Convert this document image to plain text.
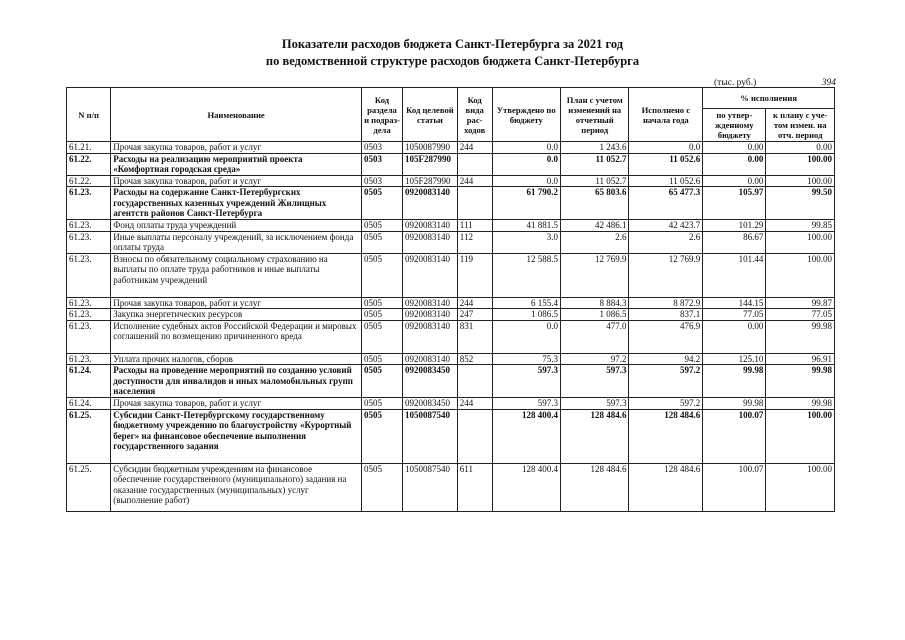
Показатели расходов бюджета Санкт-Петербурга за 2021 год
по ведомственной структуре расходов бюджета Санкт-Петербурга
(тыс. руб.)	394
N п/п	Наименование	Код раздела и подраз-дела	Код целевой статьи	Код вида рас-ходов	Утверждено по бюджету	План с учетом изменений на отчетный период	Исполнено с начала года	% исполнения	
								по утвер-жденному бюджету	к плану с уче-том измен. на отч. период
61.21.	Прочая закупка товаров, работ и услуг	0503	1050087990	244	0.0	1 243.6	0.0	0.00	0.00
61.22.	Расходы на реализацию мероприятий проекта «Комфортная городская среда»	0503	105F287990		0.0	11 052.7	11 052.6	0.00	100.00
61.22.	Прочая закупка товаров, работ и услуг	0503	105F287990	244	0.0	11 052.7	11 052.6	0.00	100.00
61.23.	Расходы на содержание Санкт-Петербургских государственных казенных учреждений Жилищных агентств районов Санкт-Петербурга	0505	0920083140		61 790.2	65 803.6	65 477.3	105.97	99.50
61.23.	Фонд оплаты труда учреждений	0505	0920083140	111	41 881.5	42 486.1	42 423.7	101.29	99.85
61.23.	Иные выплаты персоналу учреждений, за исключением фонда оплаты труда	0505	0920083140	112	3.0	2.6	2.6	86.67	100.00
61.23.	Взносы по обязательному социальному страхованию на выплаты по оплате труда работников и иные выплаты работникам учреждений	0505	0920083140	119	12 588.5	12 769.9	12 769.9	101.44	100.00
61.23.	Прочая закупка товаров, работ и услуг	0505	0920083140	244	6 155.4	8 884.3	8 872.9	144.15	99.87
61.23.	Закупка энергетических ресурсов	0505	0920083140	247	1 086.5	1 086.5	837.1	77.05	77.05
61.23.	Исполнение судебных актов Российской Федерации и мировых соглашений по возмещению причиненного вреда	0505	0920083140	831	0.0	477.0	476.9	0.00	99.98
61.23.	Уплата прочих налогов, сборов	0505	0920083140	852	75.3	97.2	94.2	125.10	96.91
61.24.	Расходы на проведение мероприятий по созданию условий доступности для инвалидов и иных маломобильных групп населения	0505	0920083450		597.3	597.3	597.2	99.98	99.98
61.24.	Прочая закупка товаров, работ и услуг	0505	0920083450	244	597.3	597.3	597.2	99.98	99.98
61.25.	Субсидии Санкт-Петербургскому государственному бюджетному учреждению по благоустройству «Курортный берег» на финансовое обеспечение выполнения государственного задания	0505	1050087540		128 400.4	128 484.6	128 484.6	100.07	100.00
61.25.	Субсидии бюджетным учреждениям на финансовое обеспечение государственного (муниципального) задания на оказание государственных (муниципальных) услуг (выполнение работ)	0505	1050087540	611	128 400.4	128 484.6	128 484.6	100.07	100.00
